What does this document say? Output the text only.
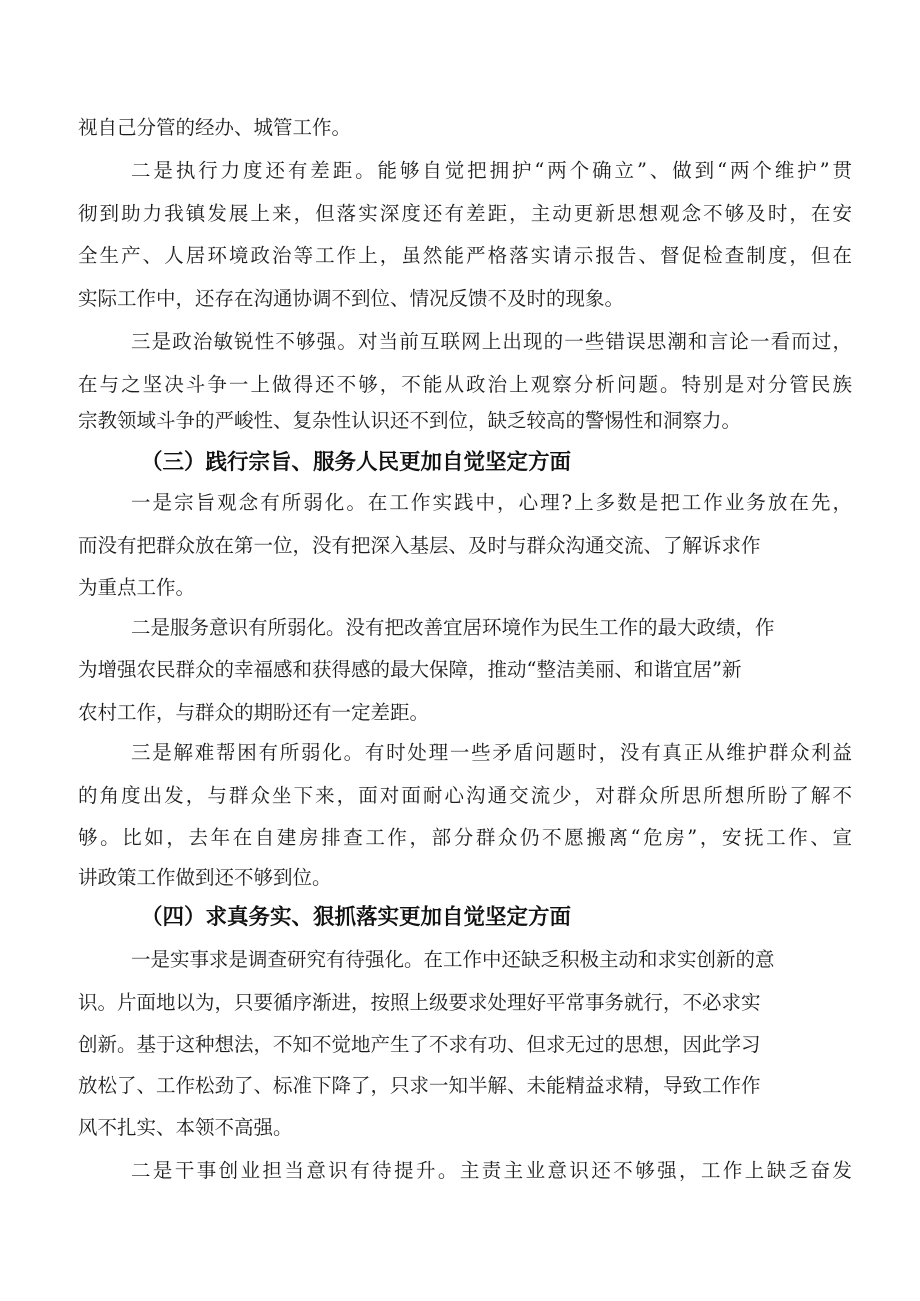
视自己分管的经办、城管工作。
二是执行力度还有差距。能够自觉把拥护“两个确立”、做到“两个维护”贯
彻到助力我镇发展上来，但落实深度还有差距，主动更新思想观念不够及时，在安
全生产、人居环境政治等工作上，虽然能严格落实请示报告、督促检查制度，但在
实际工作中，还存在沟通协调不到位、情况反馈不及时的现象。
三是政治敏锐性不够强。对当前互联网上出现的一些错误思潮和言论一看而过，
在与之坚决斗争一上做得还不够，不能从政治上观察分析问题。特别是对分管民族
宗教领域斗争的严峻性、复杂性认识还不到位，缺乏较高的警惕性和洞察力。
（三）践行宗旨、服务人民更加自觉坚定方面
一是宗旨观念有所弱化。在工作实践中，心理?上多数是把工作业务放在先，
而没有把群众放在第一位，没有把深入基层、及时与群众沟通交流、了解诉求作
为重点工作。
二是服务意识有所弱化。没有把改善宜居环境作为民生工作的最大政绩，作
为增强农民群众的幸福感和获得感的最大保障，推动“整洁美丽、和谐宜居”新
农村工作，与群众的期盼还有一定差距。
三是解难帮困有所弱化。有时处理一些矛盾问题时，没有真正从维护群众利益
的角度出发，与群众坐下来，面对面耐心沟通交流少，对群众所思所想所盼了解不
够。比如，去年在自建房排查工作，部分群众仍不愿搬离“危房”，安抚工作、宣
讲政策工作做到还不够到位。
（四）求真务实、狠抓落实更加自觉坚定方面
一是实事求是调查研究有待强化。在工作中还缺乏积极主动和求实创新的意
识。片面地以为，只要循序渐进，按照上级要求处理好平常事务就行，不必求实
创新。基于这种想法，不知不觉地产生了不求有功、但求无过的思想，因此学习
放松了、工作松劲了、标准下降了，只求一知半解、未能精益求精，导致工作作
风不扎实、本领不高强。
二是干事创业担当意识有待提升。主责主业意识还不够强，工作上缺乏奋发
